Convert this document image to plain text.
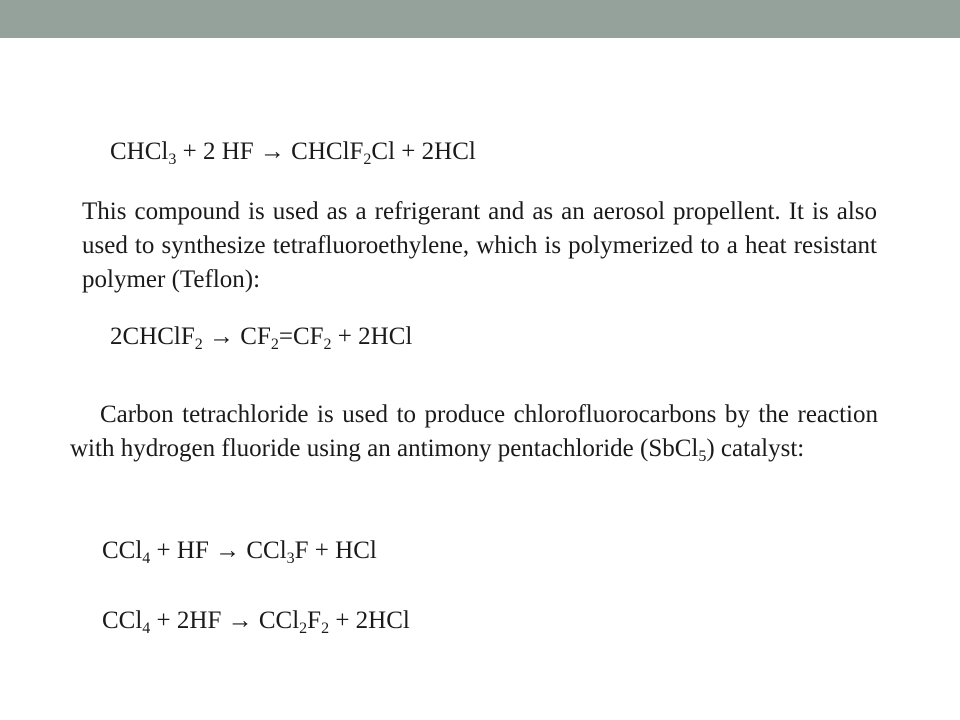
CHCl$_3$ + 2 HF → CHClF$_2$Cl + 2HCl

This compound is used as a refrigerant and as an aerosol propellent. It is also used to synthesize tetrafluoroethylene, which is polymerized to a heat resistant polymer (Teflon):

2CHClF$_2$ → $CF_2=CF_2 + 2HCl$

Carbon tetrachloride is used to produce chlorofluorocarbons by the reaction with hydrogen fluoride using an antimony pentachloride (SbCl$_5$) catalyst:

CCl$_4$ + HF → CCl$_3$F + HCl

$CCl_4 + 2HF \to CCl_2F_2 + 2HCl$
